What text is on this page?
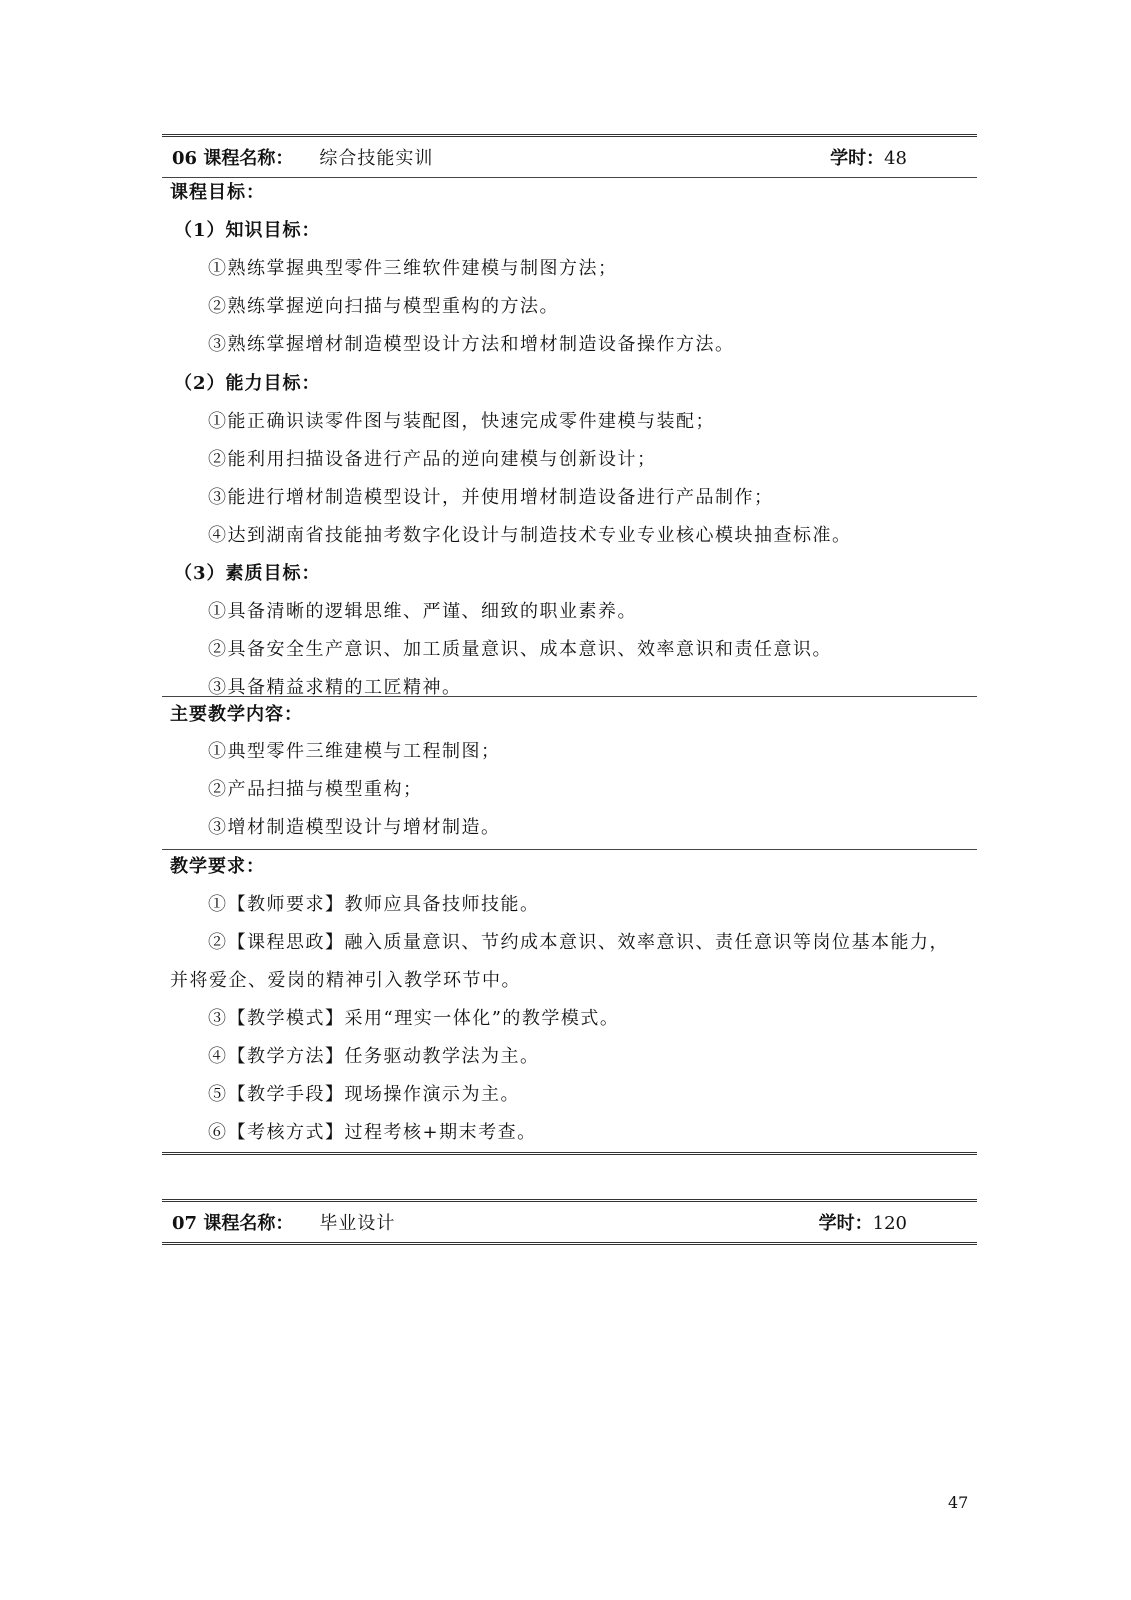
06 课程名称： 综合技能实训	学时：48
课程目标：
（1）知识目标：
①熟练掌握典型零件三维软件建模与制图方法；
②熟练掌握逆向扫描与模型重构的方法。
③熟练掌握增材制造模型设计方法和增材制造设备操作方法。
（2）能力目标：
①能正确识读零件图与装配图，快速完成零件建模与装配；
②能利用扫描设备进行产品的逆向建模与创新设计；
③能进行增材制造模型设计，并使用增材制造设备进行产品制作；
④达到湖南省技能抽考数字化设计与制造技术专业专业核心模块抽查标准。
（3）素质目标：
①具备清晰的逻辑思维、严谨、细致的职业素养。
②具备安全生产意识、加工质量意识、成本意识、效率意识和责任意识。
③具备精益求精的工匠精神。
主要教学内容：
①典型零件三维建模与工程制图；
②产品扫描与模型重构；
③增材制造模型设计与增材制造。
教学要求：
①【教师要求】教师应具备技师技能。
②【课程思政】融入质量意识、节约成本意识、效率意识、责任意识等岗位基本能力，
并将爱企、爱岗的精神引入教学环节中。
③【教学模式】采用“理实一体化”的教学模式。
④【教学方法】任务驱动教学法为主。
⑤【教学手段】现场操作演示为主。
⑥【考核方式】过程考核+期末考查。
07 课程名称： 毕业设计	学时：120
47
